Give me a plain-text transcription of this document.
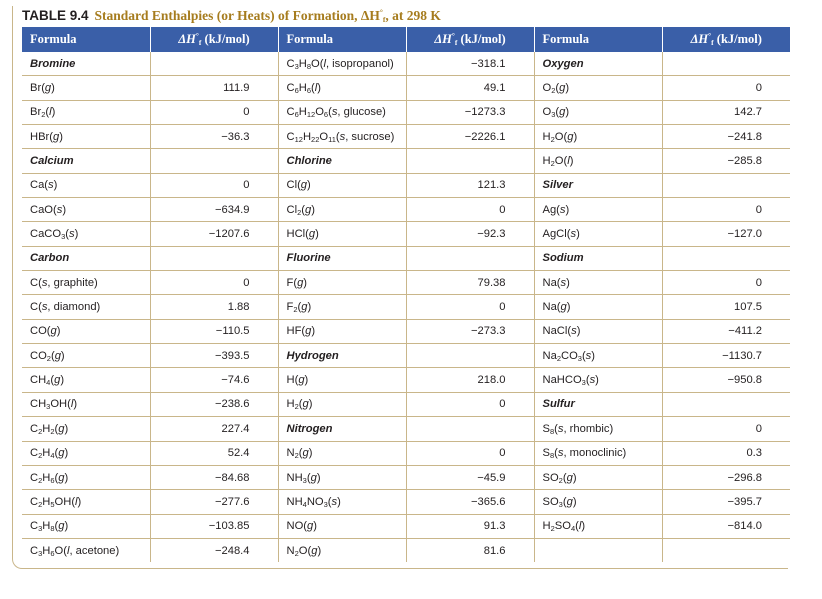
TABLE 9.4 Standard Enthalpies (or Heats) of Formation, $\Delta H^\circ_f$, at 298 K
Formula	$\Delta H^\circ_f$ (kJ/mol)	Formula	$\Delta H^\circ_f$ (kJ/mol)	Formula	$\Delta H^\circ_f$ (kJ/mol)
Bromine		$C_3H_8O(l$, isopropanol)	−318.1	Oxygen	
Br(g)	111.9	$C_6H_6(l)$	49.1	$O_2(g)$	0
$Br_2(l)$	0	$C_6H_{12}O_6(s$, glucose)	−1273.3	$O_3(g)$	142.7
HBr(g)	−36.3	$C_{12}H_{22}O_{11}(s$, sucrose)	−2226.1	$H_2O(g)$	−241.8
Calcium		Chlorine		$H_2O(l)$	−285.8
Ca(s)	0	Cl(g)	121.3	Silver	
CaO(s)	−634.9	$Cl_2(g)$	0	Ag(s)	0
CaCO$_3$(s)	−1207.6	HCl(g)	−92.3	AgCl(s)	−127.0
Carbon		Fluorine		Sodium	
C(s, graphite)	0	F(g)	79.38	Na(s)	0
C(s, diamond)	1.88	$F_2(g)$	0	Na(g)	107.5
CO(g)	−110.5	HF(g)	−273.3	NaCl(s)	−411.2
$CO_2(g)$	−393.5	Hydrogen		$Na_2CO_3(s)$	−1130.7
$CH_4(g)$	−74.6	H(g)	218.0	NaHCO$_3$(s)	−950.8
$CH_3OH(l)$	−238.6	$H_2(g)$	0	Sulfur	
$C_2H_2(g)$	227.4	Nitrogen		$S_8(s$, rhombic)	0
$C_2H_4(g)$	52.4	$N_2(g)$	0	$S_8(s$, monoclinic)	0.3
$C_2H_6(g)$	−84.68	$NH_3(g)$	−45.9	$SO_2(g)$	−296.8
$C_2H_5OH(l)$	−277.6	$NH_4NO_3(s)$	−365.6	$SO_3(g)$	−395.7
$C_3H_8(g)$	−103.85	NO(g)	91.3	$H_2SO_4(l)$	−814.0
$C_3H_6O(l$, acetone)	−248.4	$N_2O(g)$	81.6		
